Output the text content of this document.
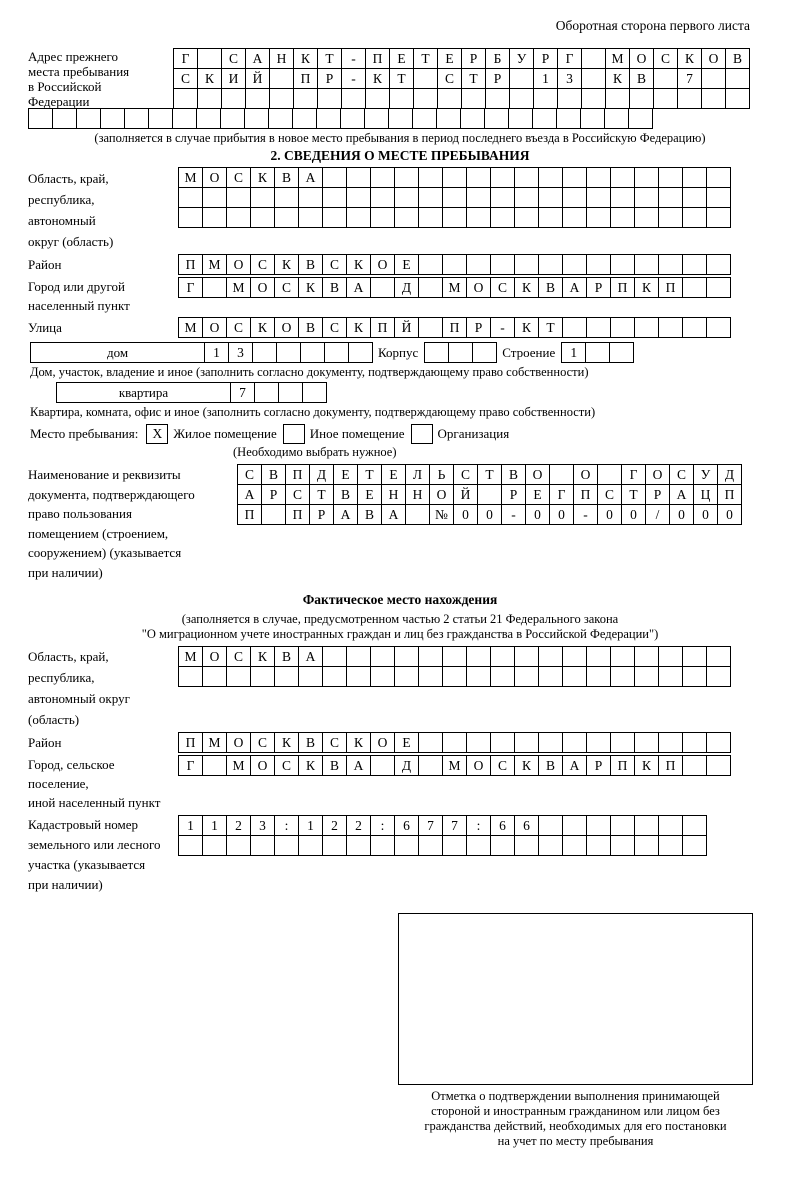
Оборотная сторона первого листа
Адрес прежнего
места пребывания
в Российской
Федерации
Г	С	А	Н	К	Т	-	П	Е	Т	Е	Р	Б	У	Р	Г	М О	С	К	О	В
С	К	И	Й	П	Р	-	К	Т	С	Т	Р	1	3	К	В	7
(заполняется в случае прибытия в новое место пребывания в период последнего въезда в Российскую Федерацию)
2. СВЕДЕНИЯ О МЕСТЕ ПРЕБЫВАНИЯ
Область, край,
республика,
автономный
округ (область)
М О	С	К	В	А
Район	П М О	С	К	В	С	К	О	Е
Город или другой
населенный пункт
Г	М О	С	К	В	А	Д	М О	С	К	В	А	Р	П	К	П
Улица	М О	С	К	О	В	С	К	П	Й	П	Р	-	К	Т
дом	1	3	Корпус	Строение	1
Дом, участок, владение и иное (заполнить согласно документу, подтверждающему право собственности)
квартира	7
Квартира, комната, офис и иное (заполнить согласно документу, подтверждающему право собственности)
Место пребывания:	X Жилое помещение	Иное помещение	Организация
(Необходимо выбрать нужное)
Наименование и реквизиты
документа, подтверждающего
право пользования
помещением (строением,
сооружением) (указывается
при наличии)
С	В	П	Д	Е	Т	Е	Л	Ь	С	Т	В	О	О	Г	О	С	У	Д
А	Р	С	Т	В	Е	Н	Н	О	Й	Р	Е	Г	П	С	Т	Р	А	Ц	П
П	П	Р	А	В	А	№	0	0	-	0	0	-	0	0	/	0	0	0
Фактическое место нахождения
(заполняется в случае, предусмотренном частью 2 статьи 21 Федерального закона
"О миграционном учете иностранных граждан и лиц без гражданства в Российской Федерации")
Область, край,
республика,
автономный округ
(область)
М О	С	К	В	А
Район	П М О	С	К	В	С	К	О	Е
Город, сельское поселение,
иной населенный пункт
Г	М О	С	К	В	А	Д	М О	С	К	В	А	Р	П	К	П
Кадастровый номер
земельного или лесного
участка (указывается
при наличии)
1	1	2	3	:	1	2	2	:	6	7	7	:	6	6
Отметка о подтверждении выполнения принимающей
стороной и иностранным гражданином или лицом без
гражданства действий, необходимых для его постановки
на учет по месту пребывания
